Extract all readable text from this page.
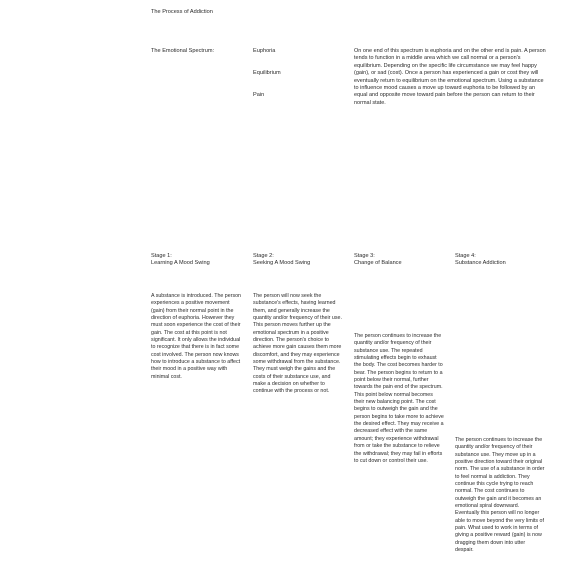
The Process of Addiction
The Emotional Spectrum:	Euphoria
Equilibrium
Pain

On one end of this spectrum is euphoria and on the other end is pain. A person tends to function in a middle area which we call normal or a person's equilibrium. Depending on the specific life circumstance we may feel happy (gain), or sad (cost). Once a person has experienced a gain or cost they will eventually return to equilibrium on the emotional spectrum. Using a substance to influence mood causes a move up toward euphoria to be followed by an equal and opposite move toward pain before the person can return to their normal state.

Stage 1:
Learning A Mood Swing
Stage 2:
Seeking A Mood Swing
Stage 3:
Change of Balance
Stage 4:
Substance Addiction

A substance is introduced. The person experiences a positive movement (gain) from their normal point in the direction of euphoria. However they must soon experience the cost of their gain. The cost at this point is not significant. It only allows the individual to recognize that there is in fact some cost involved. The person now knows how to introduce a substance to affect their mood in a positive way with minimal cost.

The person will now seek the substance's effects, having learned them, and generally increase the quantity and/or frequency of their use. This person moves further up the emotional spectrum in a positive direction. The person's choice to achieve more gain causes them more discomfort, and they may experience some withdrawal from the substance. They must weigh the gains and the costs of their substance use, and make a decision on whether to continue with the process or not.

The person continues to increase the quantity and/or frequency of their substance use. The repeated stimulating effects begin to exhaust the body. The cost becomes harder to bear. The person begins to return to a point below their normal, further towards the pain end of the spectrum. This point below normal becomes their new balancing point. The cost begins to outweigh the gain and the person begins to take more to achieve the desired effect. They may receive a decreased effect with the same amount; they experience withdrawal from or take the substance to relieve the withdrawal; they may fail in efforts to cut down or control their use.

The person continues to increase the quantity and/or frequency of their substance use. They move up in a positive direction toward their original norm. The use of a substance in order to feel normal is addiction. They continue this cycle trying to reach normal. The cost continues to outweigh the gain and it becomes an emotional spiral downward. Eventually this person will no longer able to move beyond the very limits of pain. What used to work in terms of giving a positive reward (gain) is now dragging them down into utter despair.
